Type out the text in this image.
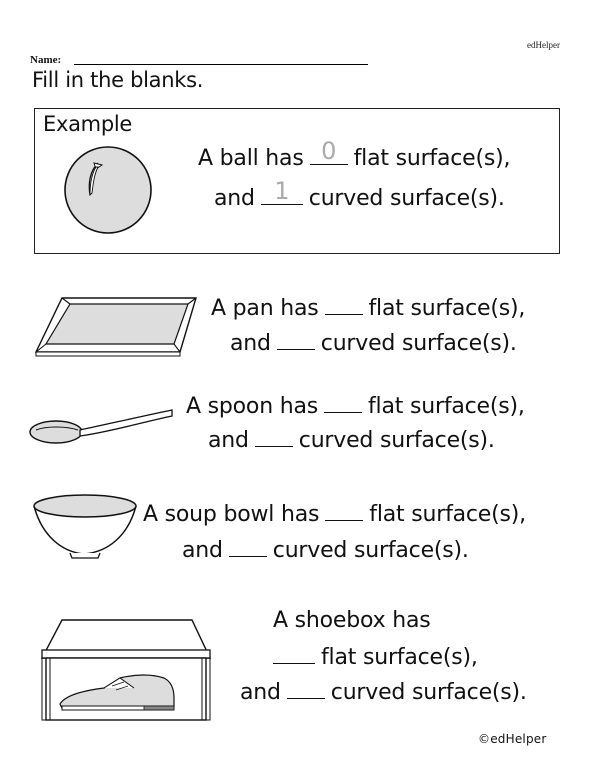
edHelper
Name:
Fill in the blanks.
Example
A ball has 0 flat surface(s),
and 1 curved surface(s).
A pan has flat surface(s),
and curved surface(s).
A spoon has flat surface(s),
and curved surface(s).
A soup bowl has flat surface(s),
and curved surface(s).
A shoebox has
flat surface(s),
and curved surface(s).
©edHelper
